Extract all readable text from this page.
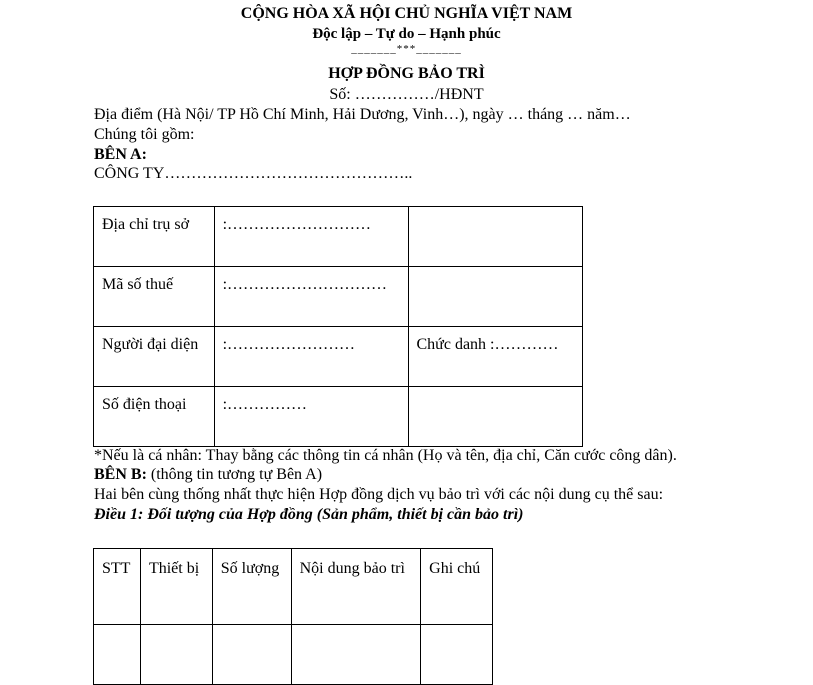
CỘNG HÒA XÃ HỘI CHỦ NGHĨA VIỆT NAM
Độc lập – Tự do – Hạnh phúc
_______***_______
HỢP ĐỒNG BẢO TRÌ
Số: ……………/HĐNT
Địa điểm (Hà Nội/ TP Hồ Chí Minh, Hải Dương, Vinh…), ngày … tháng … năm…
Chúng tôi gồm:
BÊN A:
CÔNG TY………………………………………..
Địa chỉ trụ sở	:………………………	

Mã số thuế	:…………………………	

Người đại diện	:……………………	Chức danh :…………

Số điện thoại	:……………	

*Nếu là cá nhân: Thay bằng các thông tin cá nhân (Họ và tên, địa chỉ, Căn cước công dân).
BÊN B: (thông tin tương tự Bên A)
Hai bên cùng thống nhất thực hiện Hợp đồng dịch vụ bảo trì với các nội dung cụ thể sau:
Điều 1: Đối tượng của Hợp đồng (Sản phẩm, thiết bị cần bảo trì)
STT	Thiết bị	Số lượng	Nội dung bảo trì	Ghi chú
